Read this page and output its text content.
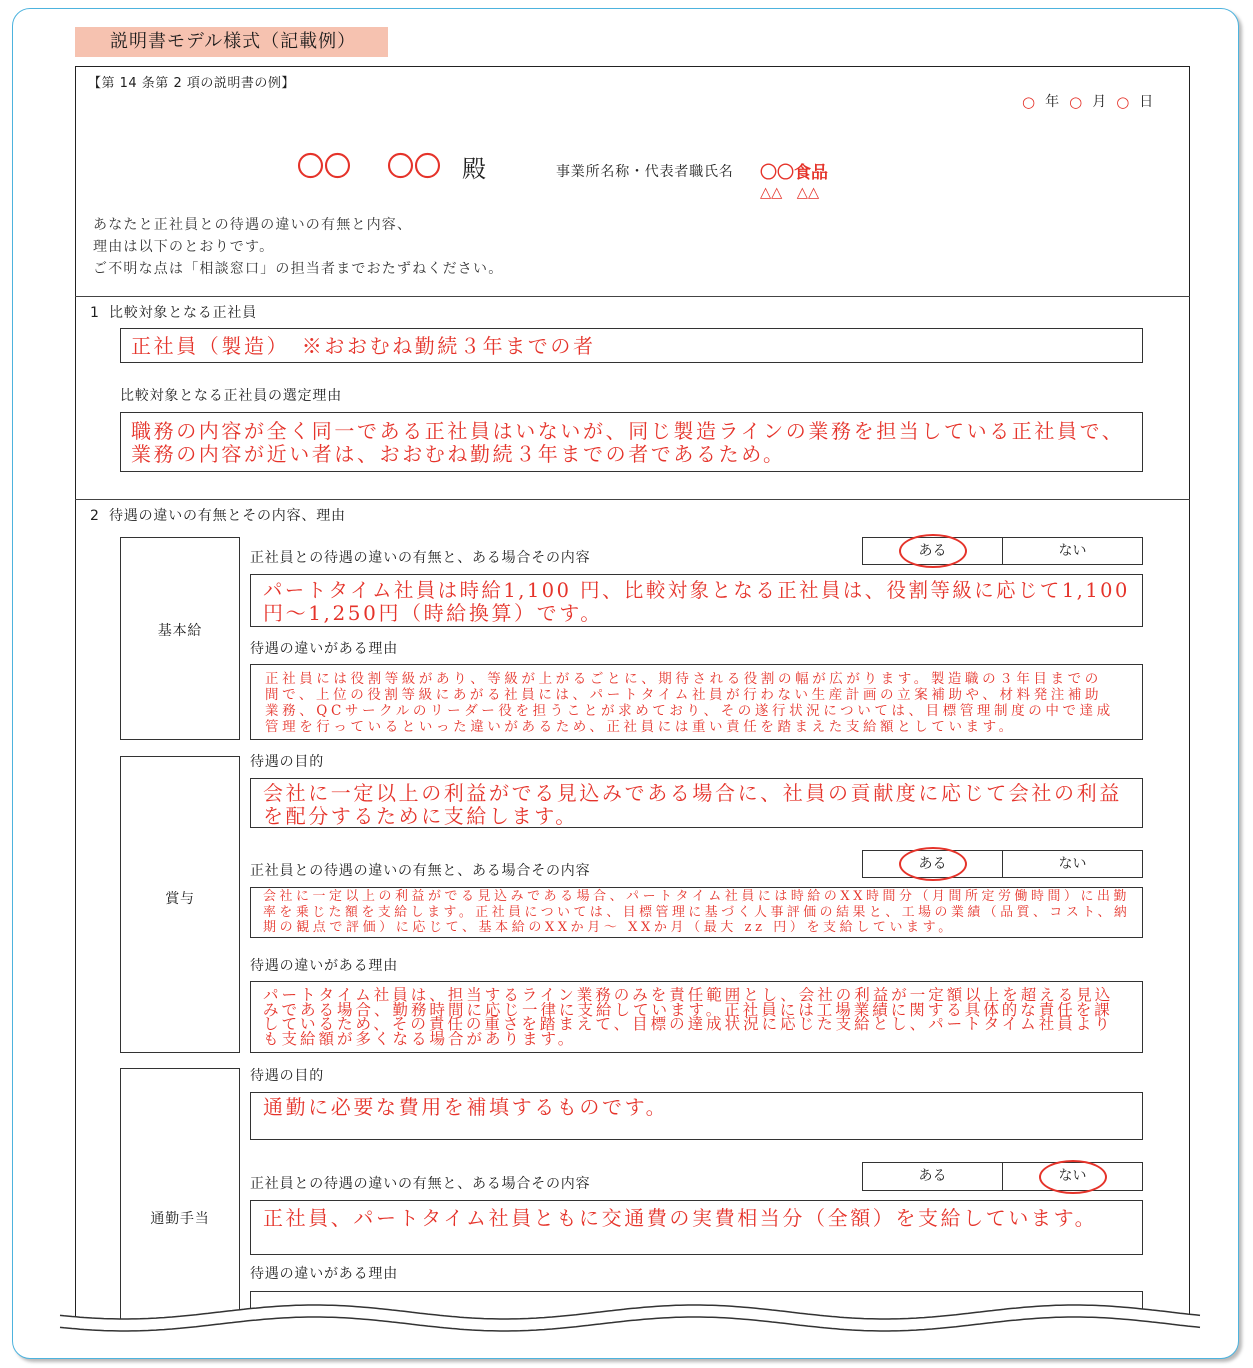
説明書モデル様式（記載例）
【第 14 条第 2 項の説明書の例】
○ 年 ○ 月 ○ 日
〇〇 〇〇 殿	事業所名称・代表者職氏名 〇〇食品
△△　△△
あなたと正社員との待遇の違いの有無と内容、
理由は以下のとおりです。
ご不明な点は「相談窓口」の担当者までおたずねください。
1 比較対象となる正社員
正社員（製造）　※おおむね勤続３年までの者
比較対象となる正社員の選定理由
職務の内容が全く同一である正社員はいないが、同じ製造ラインの業務を担当している正社員で、
業務の内容が近い者は、おおむね勤続３年までの者であるため。
2 待遇の違いの有無とその内容、理由
基本給
正社員との待遇の違いの有無と、ある場合その内容	ある	ない
パートタイム社員は時給1,100 円、比較対象となる正社員は、役割等級に応じて1,100
円～1,250円（時給換算）です。
待遇の違いがある理由
正社員には役割等級があり、等級が上がるごとに、期待される役割の幅が広がります。製造職の３年目までの
間で、上位の役割等級にあがる社員には、パートタイム社員が行わない生産計画の立案補助や、材料発注補助
業務、QCサークルのリーダー役を担うことが求めており、その遂行状況については、目標管理制度の中で達成
管理を行っているといった違いがあるため、正社員には重い責任を踏まえた支給額としています。
賞与
待遇の目的
会社に一定以上の利益がでる見込みである場合に、社員の貢献度に応じて会社の利益
を配分するために支給します。
正社員との待遇の違いの有無と、ある場合その内容	ある	ない
会社に一定以上の利益がでる見込みである場合、パートタイム社員には時給のXX時間分（月間所定労働時間）に出勤
率を乗じた額を支給します。正社員については、目標管理に基づく人事評価の結果と、工場の業績（品質、コスト、納
期の観点で評価）に応じて、基本給のXXか月～ XXか月（最大 zz 円）を支給しています。
待遇の違いがある理由
パートタイム社員は、担当するライン業務のみを責任範囲とし、会社の利益が一定額以上を超える見込
みである場合、勤務時間に応じ一律に支給しています。正社員には工場業績に関する具体的な責任を課
しているため、その責任の重さを踏まえて、目標の達成状況に応じた支給とし、パートタイム社員より
も支給額が多くなる場合があります。
通勤手当
待遇の目的
通勤に必要な費用を補填するものです。
正社員との待遇の違いの有無と、ある場合その内容	ある	ない
正社員、パートタイム社員ともに交通費の実費相当分（全額）を支給しています。
待遇の違いがある理由
